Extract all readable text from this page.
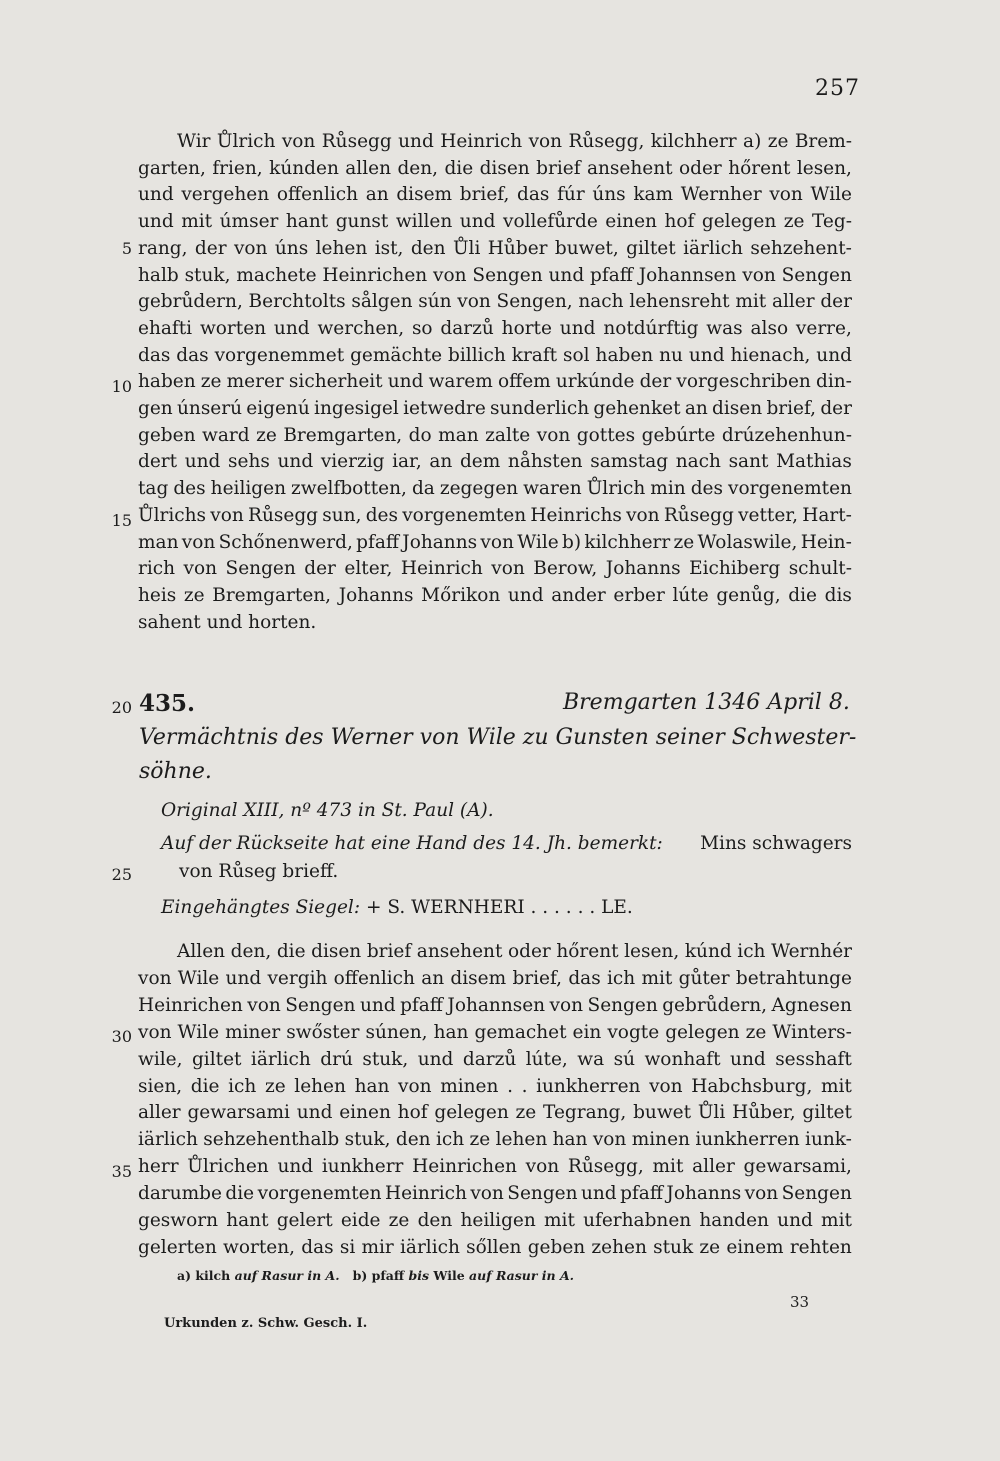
257
Wir Ůlrich von Růsegg und Heinrich von Růsegg, kilchherr a) ze Brem-
garten, frien, kúnden allen den, die disen brief ansehent oder hőrent lesen,
und vergehen offenlich an disem brief, das fúr úns kam Wernher von Wile
und mit úmser hant gunst willen und vollefůrde einen hof gelegen ze Teg-
rang, der von úns lehen ist, den Ůli Hůber buwet, giltet iärlich sehzehent-
halb stuk, machete Heinrichen von Sengen und pfaff Johannsen von Sengen
gebrůdern, Berchtolts sålgen sún von Sengen, nach lehensreht mit aller der
ehafti worten und werchen, so darzů horte und notdúrftig was also verre,
das das vorgenemmet gemächte billich kraft sol haben nu und hienach, und
haben ze merer sicherheit und warem offem urkúnde der vorgeschriben din-
gen únserú eigenú ingesigel ietwedre sunderlich gehenket an disen brief, der
geben ward ze Bremgarten, do man zalte von gottes gebúrte drúzehenhun-
dert und sehs und vierzig iar, an dem nåhsten samstag nach sant Mathias
tag des heiligen zwelfbotten, da zegegen waren Ůlrich min des vorgenemten
Ůlrichs von Růsegg sun, des vorgenemten Heinrichs von Růsegg vetter, Hart-
man von Schőnenwerd, pfaff Johanns von Wile b) kilchherr ze Wolaswile, Hein-
rich von Sengen der elter, Heinrich von Berow, Johanns Eichiberg schult-
heis ze Bremgarten, Johanns Mőrikon und ander erber lúte genůg, die dis
sahent und horten.
5
10
15
20
25
30
35
435.	Bremgarten 1346 April 8.
Vermächtnis des Werner von Wile zu Gunsten seiner Schwester-
söhne.
Original XIII, nº 473 in St. Paul (A).
Auf der Rückseite hat eine Hand des 14. Jh. bemerkt: Mins schwagers
von Růseg brieff.
Eingehängtes Siegel: + S. WERNHERI . . . . . . LE.
Allen den, die disen brief ansehent oder hőrent lesen, kúnd ich Wernhér
von Wile und vergih offenlich an disem brief, das ich mit gůter betrahtunge
Heinrichen von Sengen und pfaff Johannsen von Sengen gebrůdern, Agnesen
von Wile miner swőster súnen, han gemachet ein vogte gelegen ze Winters-
wile, giltet iärlich drú stuk, und darzů lúte, wa sú wonhaft und sesshaft
sien, die ich ze lehen han von minen . . iunkherren von Habchsburg, mit
aller gewarsami und einen hof gelegen ze Tegrang, buwet Ůli Hůber, giltet
iärlich sehzehenthalb stuk, den ich ze lehen han von minen iunkherren iunk-
herr Ůlrichen und iunkherr Heinrichen von Růsegg, mit aller gewarsami,
darumbe die vorgenemten Heinrich von Sengen und pfaff Johanns von Sengen
gesworn hant gelert eide ze den heiligen mit uferhabnen handen und mit
gelerten worten, das si mir iärlich sőllen geben zehen stuk ze einem rehten
a) kilch auf Rasur in A. b) pfaff bis Wile auf Rasur in A.
Urkunden z. Schw. Gesch. I.
33
